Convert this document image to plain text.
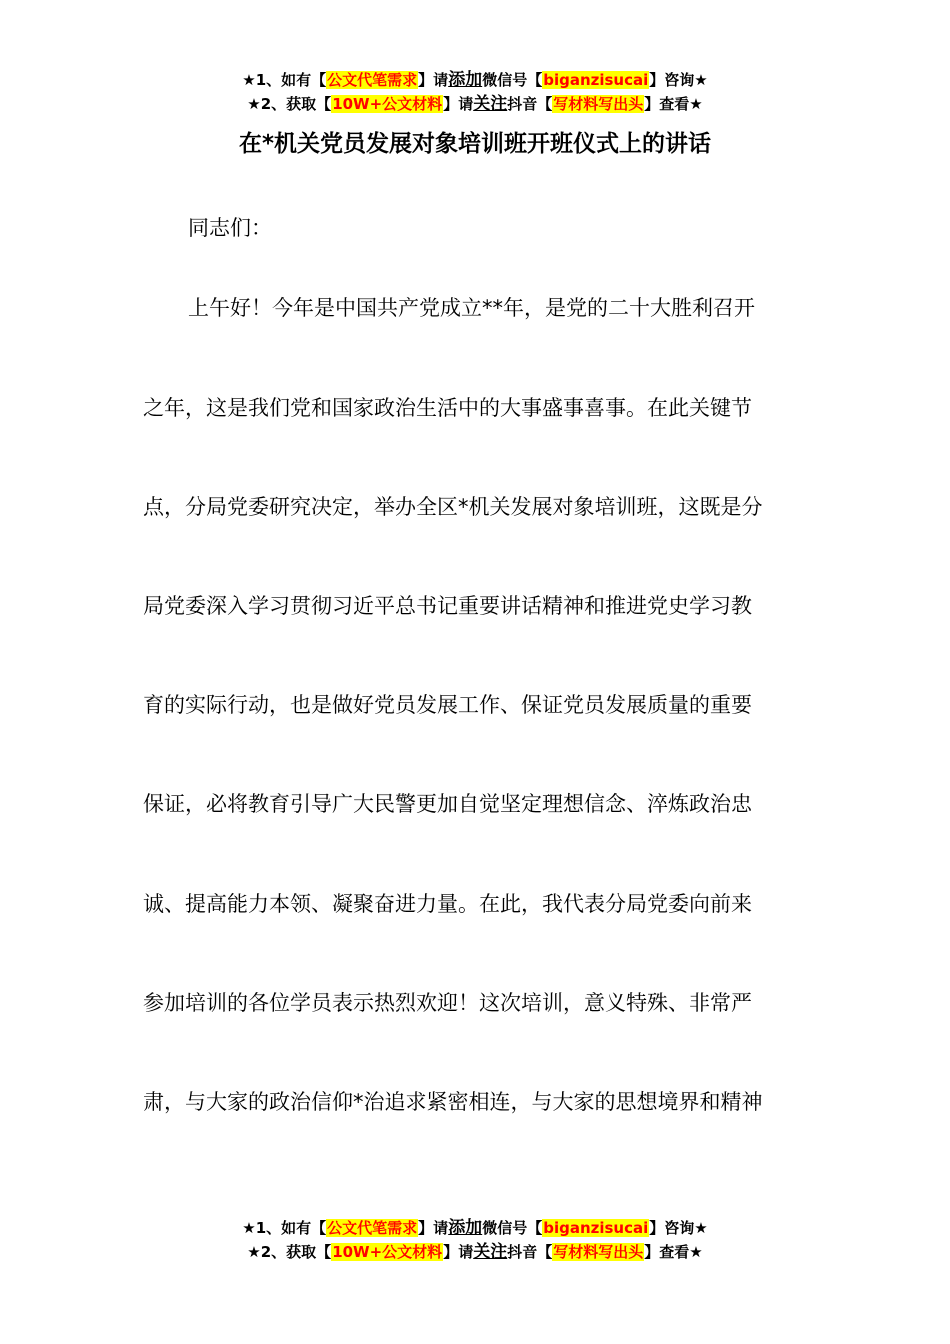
★1、如有【公文代笔需求】请添加微信号【biganzisucai】咨询★
★2、获取【10W+公文材料】请关注抖音【写材料写出头】查看★
在*机关党员发展对象培训班开班仪式上的讲话
同志们：
上午好！今年是中国共产党成立**年，是党的二十大胜利召开
之年，这是我们党和国家政治生活中的大事盛事喜事。在此关键节
点，分局党委研究决定，举办全区*机关发展对象培训班，这既是分
局党委深入学习贯彻习近平总书记重要讲话精神和推进党史学习教
育的实际行动，也是做好党员发展工作、保证党员发展质量的重要
保证，必将教育引导广大民警更加自觉坚定理想信念、淬炼政治忠
诚、提高能力本领、凝聚奋进力量。在此，我代表分局党委向前来
参加培训的各位学员表示热烈欢迎！这次培训，意义特殊、非常严
肃，与大家的政治信仰*治追求紧密相连，与大家的思想境界和精神
★1、如有【公文代笔需求】请添加微信号【biganzisucai】咨询★
★2、获取【10W+公文材料】请关注抖音【写材料写出头】查看★
